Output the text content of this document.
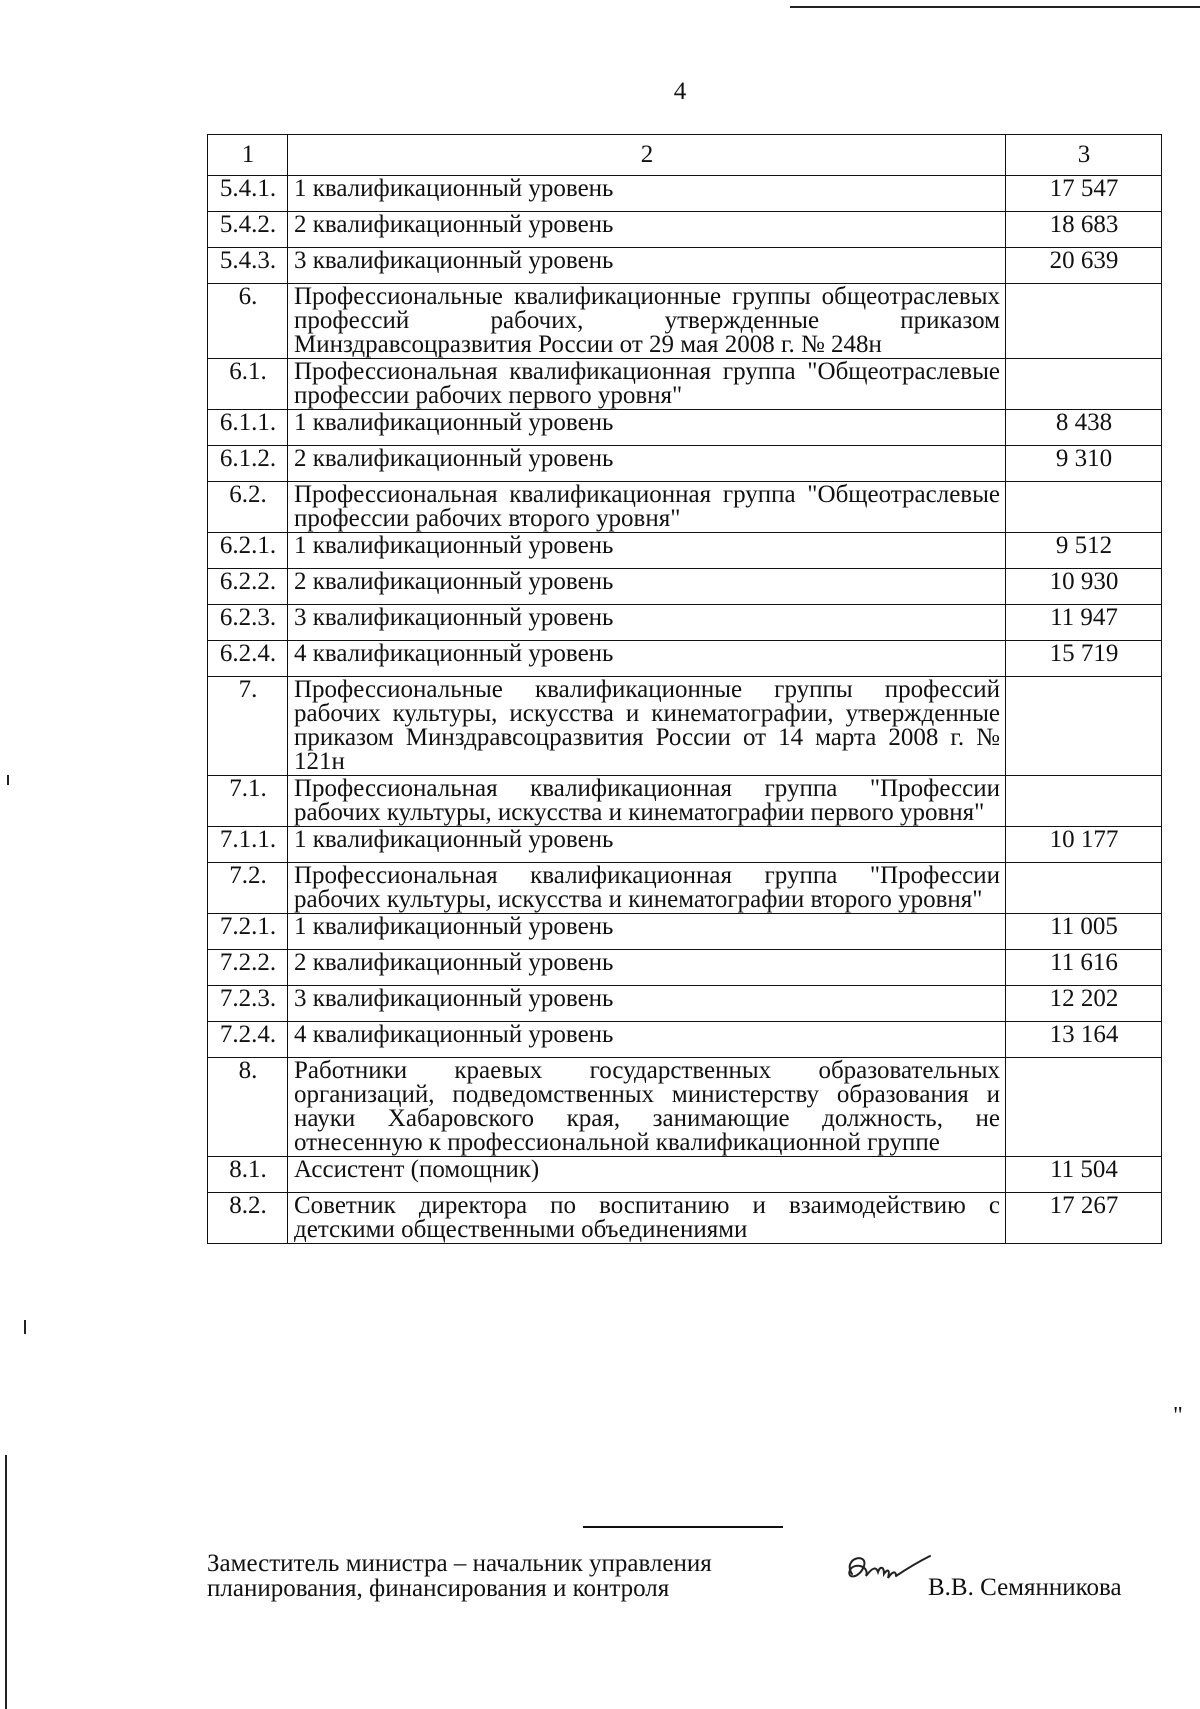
4
1	2	3
5.4.1.	1 квалификационный уровень	17 547
5.4.2.	2 квалификационный уровень	18 683
5.4.3.	3 квалификационный уровень	20 639
6.	Профессиональные квалификационные группы общеотраслевых профессий рабочих, утвержденные приказом Минздравсоцразвития России от 29 мая 2008 г. № 248н	
6.1.	Профессиональная квалификационная группа "Общеотраслевые профессии рабочих первого уровня"	
6.1.1.	1 квалификационный уровень	8 438
6.1.2.	2 квалификационный уровень	9 310
6.2.	Профессиональная квалификационная группа "Общеотраслевые профессии рабочих второго уровня"	
6.2.1.	1 квалификационный уровень	9 512
6.2.2.	2 квалификационный уровень	10 930
6.2.3.	3 квалификационный уровень	11 947
6.2.4.	4 квалификационный уровень	15 719
7.	Профессиональные квалификационные группы профессий рабочих культуры, искусства и кинематографии, утвержденные приказом Минздравсоцразвития России от 14 марта 2008 г. № 121н	
7.1.	Профессиональная квалификационная группа "Профессии рабочих культуры, искусства и кинематографии первого уровня"	
7.1.1.	1 квалификационный уровень	10 177
7.2.	Профессиональная квалификационная группа "Профессии рабочих культуры, искусства и кинематографии второго уровня"	
7.2.1.	1 квалификационный уровень	11 005
7.2.2.	2 квалификационный уровень	11 616
7.2.3.	3 квалификационный уровень	12 202
7.2.4.	4 квалификационный уровень	13 164
8.	Работники краевых государственных образовательных организаций, подведомственных министерству образования и науки Хабаровского края, занимающие должность, не отнесенную к профессиональной квалификационной группе	
8.1.	Ассистент (помощник)	11 504
8.2.	Советник директора по воспитанию и взаимодействию с детскими общественными объединениями	17 267
"
Заместитель министра – начальник управления
планирования, финансирования и контроля	В.В. Семянникова
